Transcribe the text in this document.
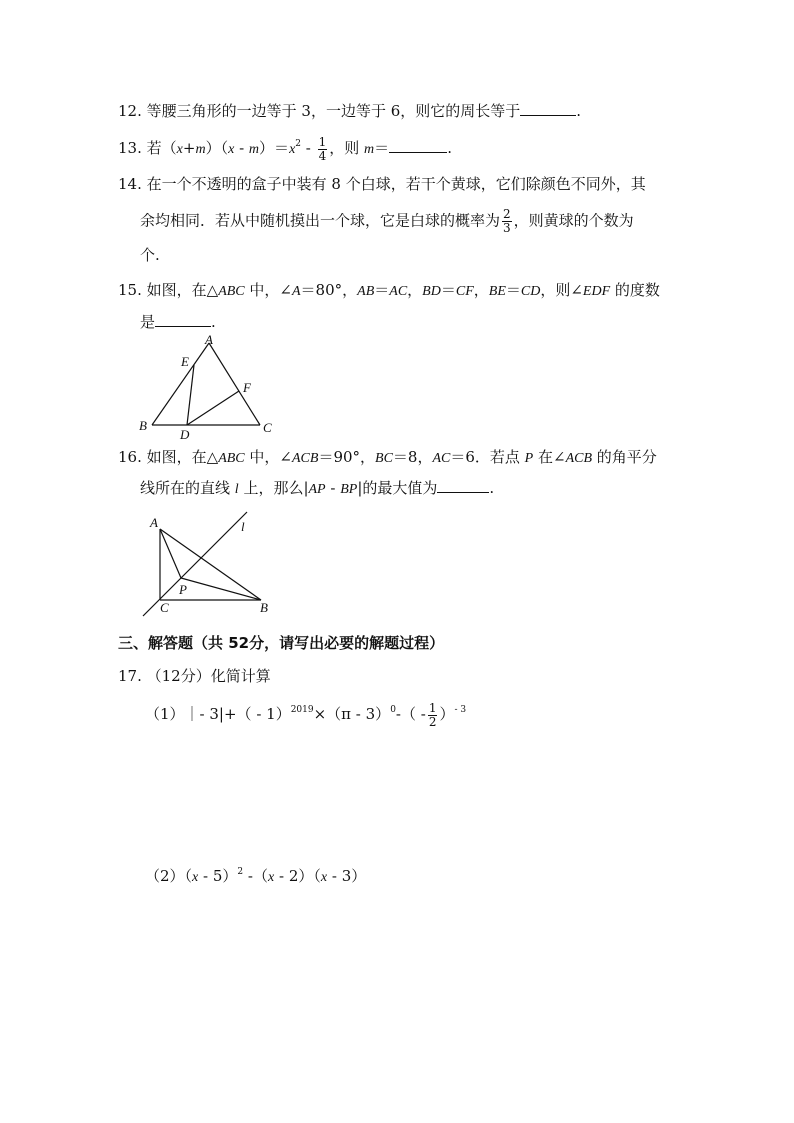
12. 等腰三角形的一边等于 3，一边等于 6，则它的周长等于	.
13. 若$(x+m)(x - m)=x^2 - \frac{1}{4}$ ，则 m＝	.
14. 在一个不透明的盒子中装有 8 个白球，若干个黄球，它们除颜色不同外，其
余均相同．若从中随机摸出一个球，它是白球的概率为 $\frac{2}{3}$ ，则黄球的个数为
个.
15. 如图，在△ABC 中，∠A＝80°，AB＝AC，BD＝CF，BE＝CD，则∠EDF 的度数
是	.
A
E
F
B
D	C
16. 如图，在△ABC 中，∠ACB＝90°，BC＝8，AC＝6．若点 P 在∠ACB 的角平分
线所在的直线 l 上，那么|AP - BP|的最大值为	.
A	l
P
C	B
三、解答题（共 52分，请写出必要的解题过程）
17. （12分）化简计算
（1）｜- $3|+( - 1)^{2019}\times(\pi - 3)^0-( - \frac{1}{2} )^{- 3}$
（2）（x - 5）$^2$ -（x - 2）（x - 3）
